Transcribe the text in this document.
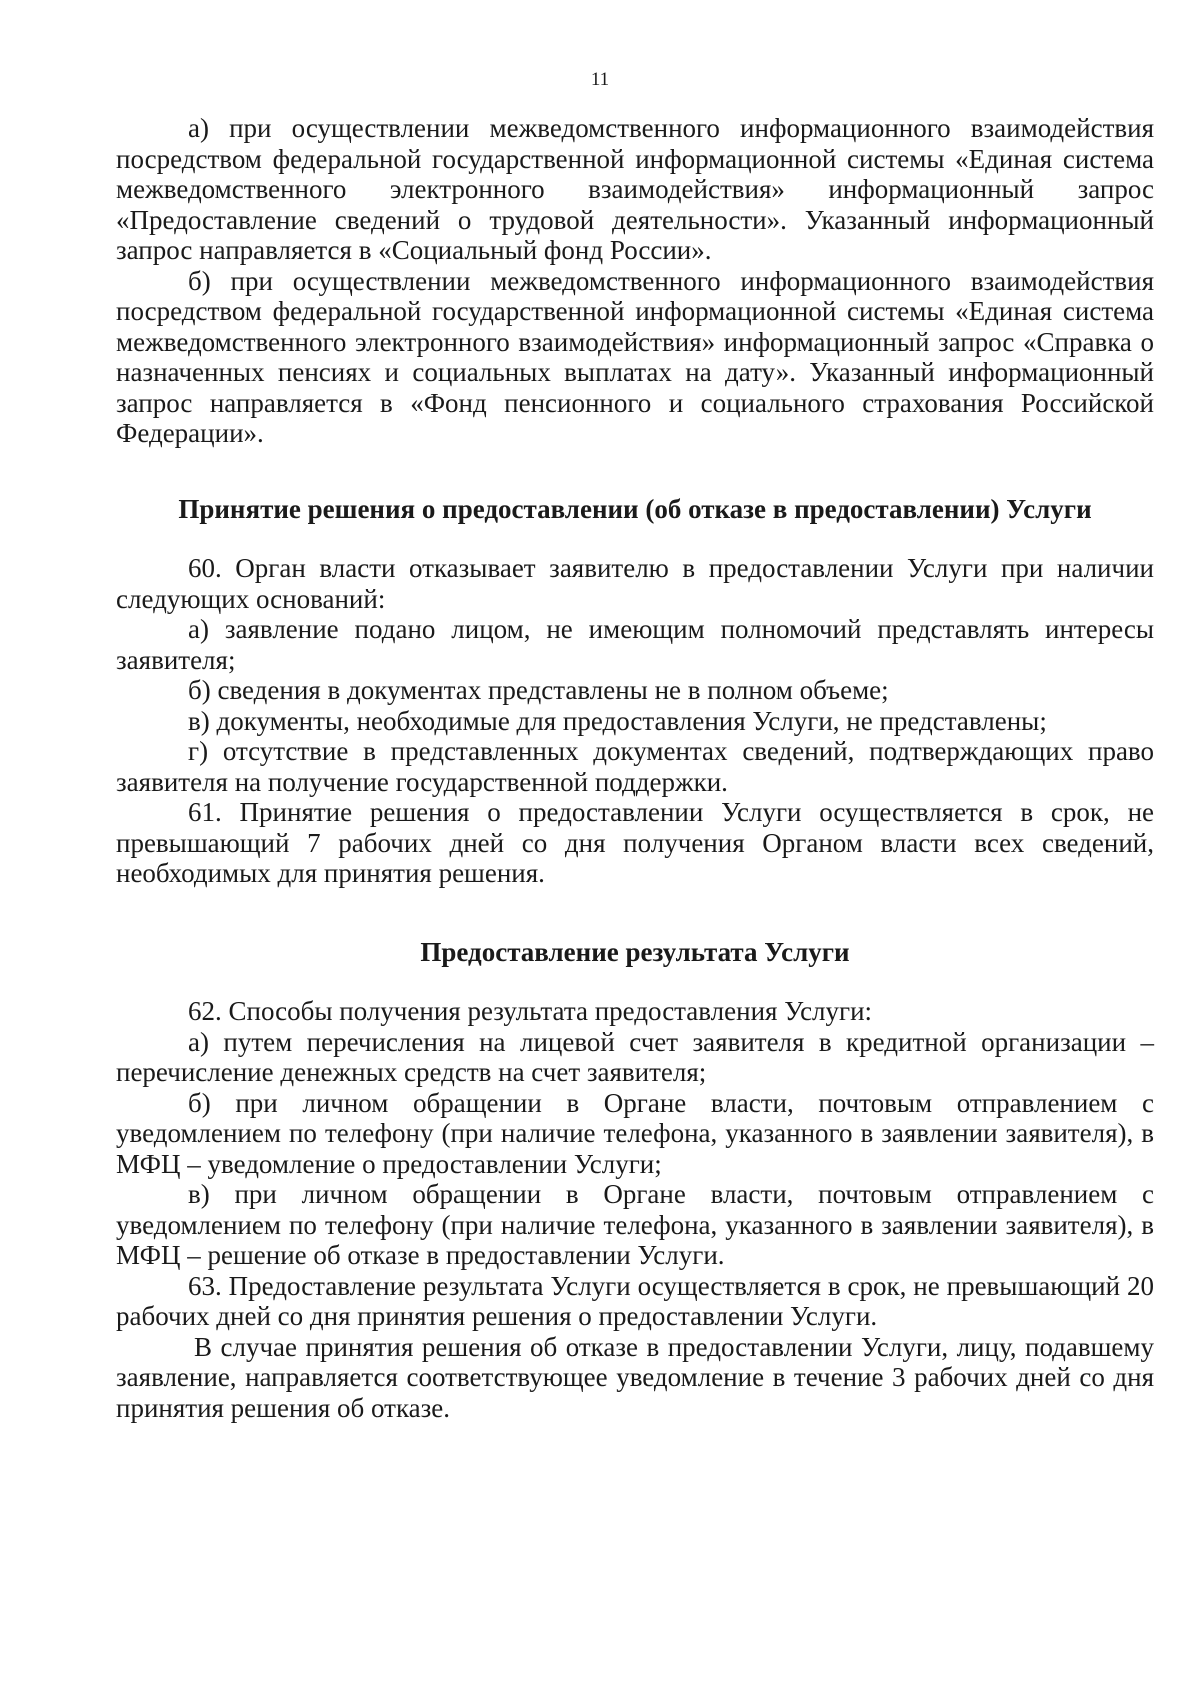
11

а) при осуществлении межведомственного информационного взаимодействия посредством федеральной государственной информационной системы «Единая система межведомственного электронного взаимодействия» информационный запрос «Предоставление сведений о трудовой деятельности». Указанный информационный запрос направляется в «Социальный фонд России».

б) при осуществлении межведомственного информационного взаимодействия посредством федеральной государственной информационной системы «Единая система межведомственного электронного взаимодействия» информационный запрос «Справка о назначенных пенсиях и социальных выплатах на дату». Указанный информационный запрос направляется в «Фонд пенсионного и социального страхования Российской Федерации».

Принятие решения о предоставлении (об отказе в предоставлении) Услуги

60. Орган власти отказывает заявителю в предоставлении Услуги при наличии следующих оснований:

а) заявление подано лицом, не имеющим полномочий представлять интересы заявителя;

б) сведения в документах представлены не в полном объеме;

в) документы, необходимые для предоставления Услуги, не представлены;

г) отсутствие в представленных документах сведений, подтверждающих право заявителя на получение государственной поддержки.

61. Принятие решения о предоставлении Услуги осуществляется в срок, не превышающий 7 рабочих дней со дня получения Органом власти всех сведений, необходимых для принятия решения.

Предоставление результата Услуги

62. Способы получения результата предоставления Услуги:

а) путем перечисления на лицевой счет заявителя в кредитной организации – перечисление денежных средств на счет заявителя;

б) при личном обращении в Органе власти, почтовым отправлением с уведомлением по телефону (при наличие телефона, указанного в заявлении заявителя), в МФЦ – уведомление о предоставлении Услуги;

в) при личном обращении в Органе власти, почтовым отправлением с уведомлением по телефону (при наличие телефона, указанного в заявлении заявителя), в МФЦ – решение об отказе в предоставлении Услуги.

63. Предоставление результата Услуги осуществляется в срок, не превышающий 20 рабочих дней со дня принятия решения о предоставлении Услуги.

В случае принятия решения об отказе в предоставлении Услуги, лицу, подавшему заявление, направляется соответствующее уведомление в течение 3 рабочих дней со дня принятия решения об отказе.
